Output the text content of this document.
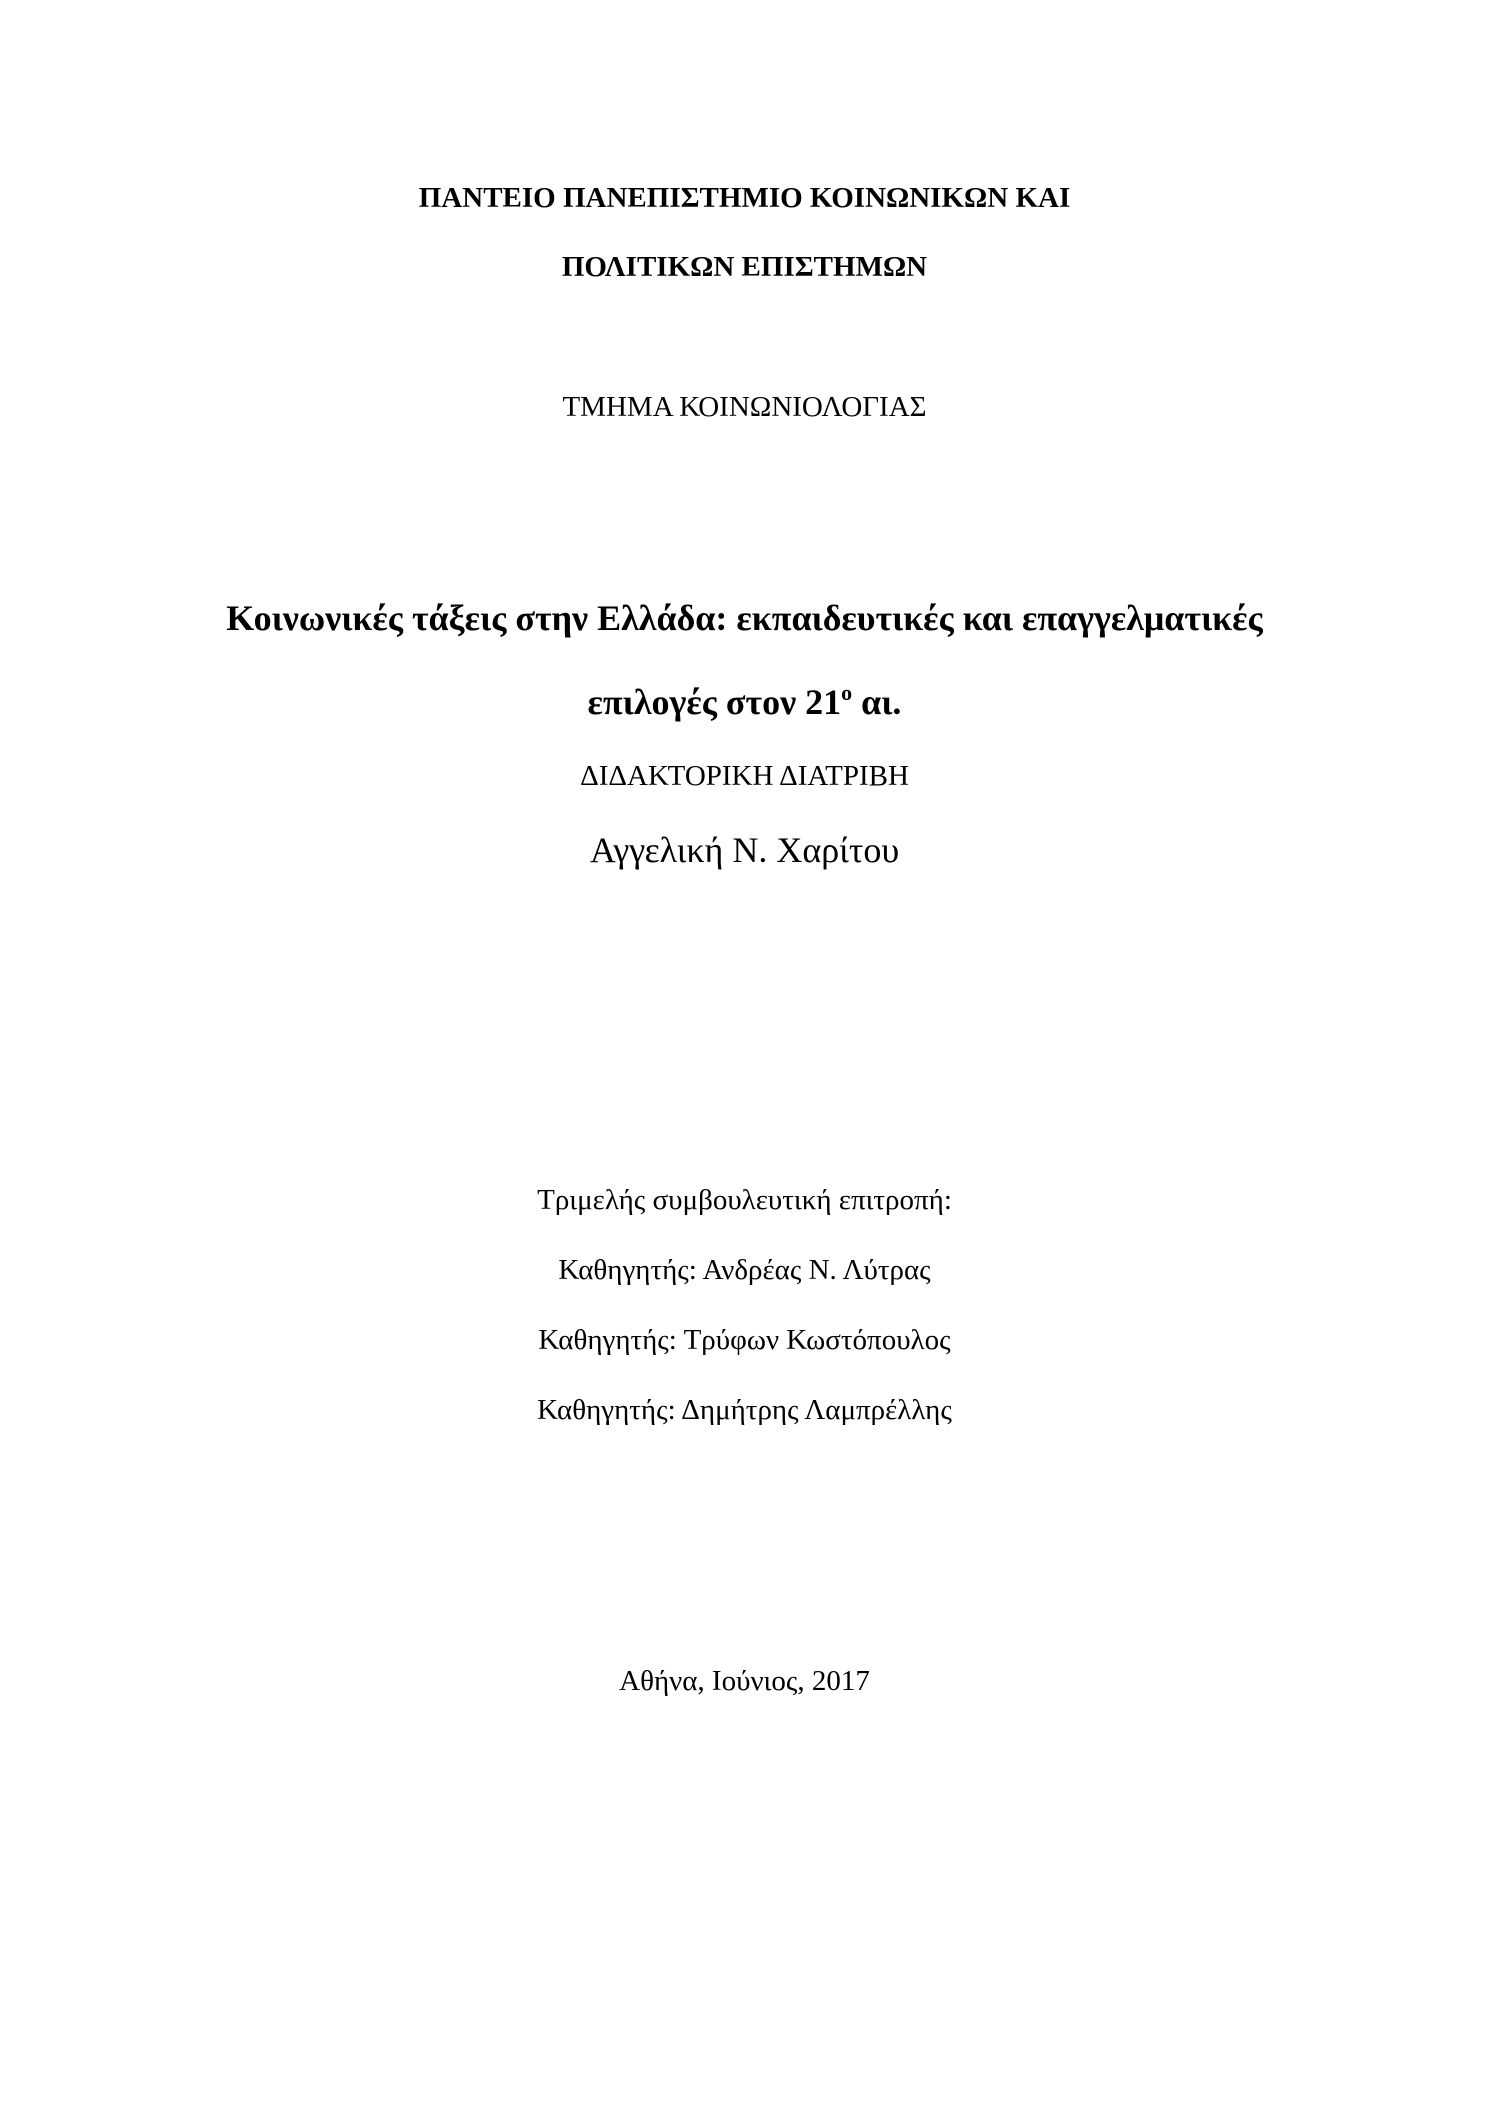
ΠΑΝΤΕΙΟ ΠΑΝΕΠΙΣΤΗΜΙΟ ΚΟΙΝΩΝΙΚΩΝ ΚΑΙ
ΠΟΛΙΤΙΚΩΝ ΕΠΙΣΤΗΜΩΝ
ΤΜΗΜΑ ΚΟΙΝΩΝΙΟΛΟΓΙΑΣ
Κοινωνικές τάξεις στην Ελλάδα: εκπαιδευτικές και επαγγελματικές
επιλογές στον $21^o$ αι.
ΔΙΔΑΚΤΟΡΙΚΗ ΔΙΑΤΡΙΒΗ
Αγγελική Ν. Χαρίτου
Τριμελής συμβουλευτική επιτροπή:
Καθηγητής: Ανδρέας Ν. Λύτρας
Καθηγητής: Τρύφων Κωστόπουλος
Καθηγητής: Δημήτρης Λαμπρέλλης
Αθήνα, Ιούνιος, 2017
